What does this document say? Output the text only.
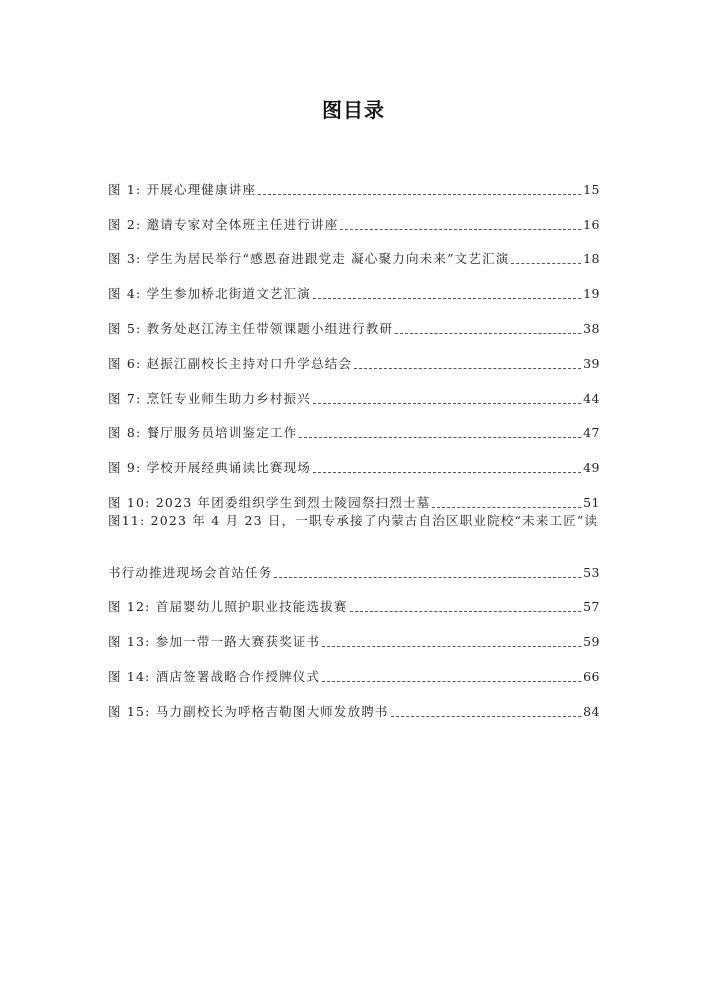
图目录
图 1: 开展心理健康讲座	15
图 2: 邀请专家对全体班主任进行讲座	16
图 3: 学生为居民举行“感恩奋进跟党走 凝心聚力向未来”文艺汇演	18
图 4: 学生参加桥北街道文艺汇演	19
图 5: 教务处赵江涛主任带领课题小组进行教研	38
图 6: 赵振江副校长主持对口升学总结会	39
图 7: 烹饪专业师生助力乡村振兴	44
图 8: 餐厅服务员培训鉴定工作	47
图 9: 学校开展经典诵读比赛现场	49
图 10: 2023 年团委组织学生到烈士陵园祭扫烈士墓	51
图11: 2023 年 4 月 23 日，一职专承接了内蒙古自治区职业院校“未来工匠”读
书行动推进现场会首站任务	53
图 12: 首届婴幼儿照护职业技能选拔赛	57
图 13: 参加一带一路大赛获奖证书	59
图 14: 酒店签署战略合作授牌仪式	66
图 15: 马力副校长为呼格吉勒图大师发放聘书	84
